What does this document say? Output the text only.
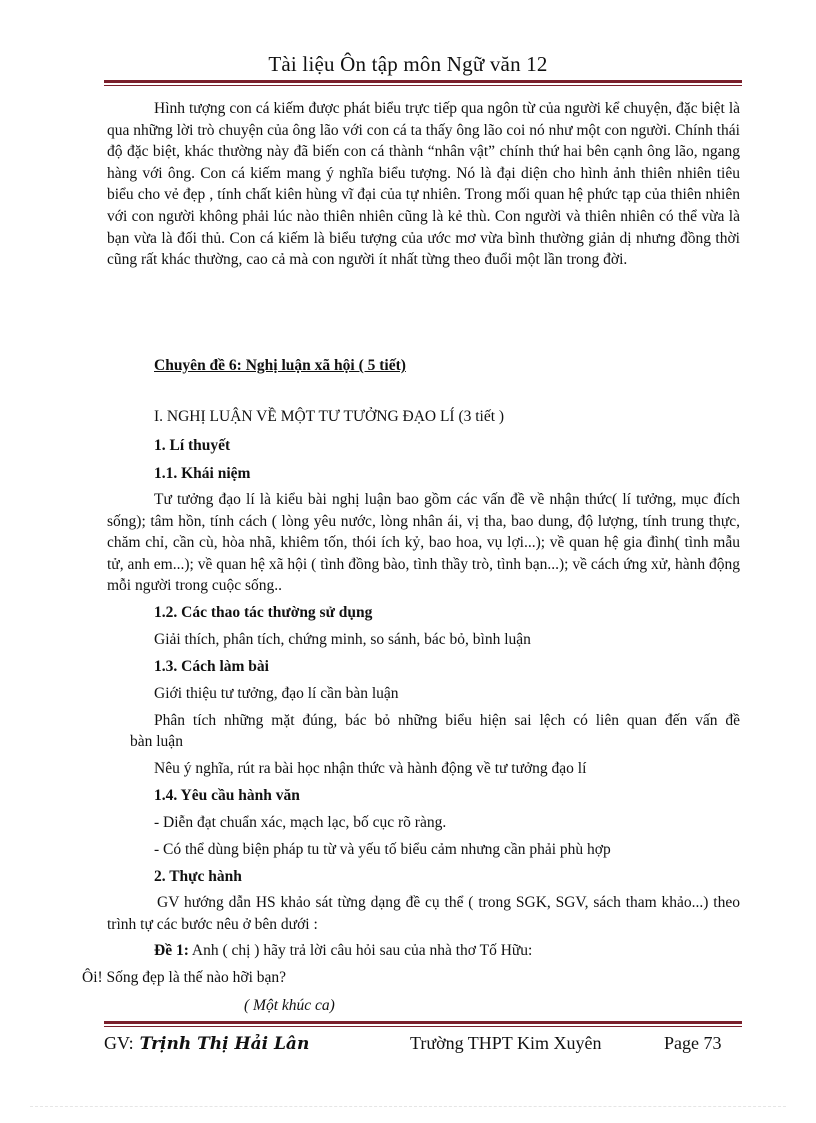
Tài liệu Ôn tập môn Ngữ văn 12
Hình tượng con cá kiếm được phát biểu trực tiếp qua ngôn từ của người kể chuyện, đặc biệt là qua những lời trò chuyện của ông lão với con cá ta thấy ông lão coi nó như một con người. Chính thái độ đặc biệt, khác thường này đã biến con cá thành “nhân vật” chính thứ hai bên cạnh ông lão, ngang hàng với ông. Con cá kiếm mang ý nghĩa biểu tượng. Nó là đại diện cho hình ảnh thiên nhiên tiêu biểu cho vẻ đẹp , tính chất kiên hùng vĩ đại của tự nhiên. Trong mối quan hệ phức tạp của thiên nhiên với con người không phải lúc nào thiên nhiên cũng là kẻ thù. Con người và thiên nhiên có thể vừa là bạn vừa là đối thủ. Con cá kiếm là biểu tượng của ước mơ vừa bình thường giản dị nhưng đồng thời cũng rất khác thường, cao cả mà con người ít nhất từng theo đuổi một lần trong đời.
Chuyên đề 6: Nghị luận xã hội ( 5 tiết)
I. NGHỊ LUẬN VỀ MỘT TƯ TƯỞNG ĐẠO LÍ (3 tiết )
1. Lí thuyết
1.1. Khái niệm
Tư tưởng đạo lí là kiểu bài nghị luận bao gồm các vấn đề về nhận thức( lí tưởng, mục đích sống); tâm hồn, tính cách ( lòng yêu nước, lòng nhân ái, vị tha, bao dung, độ lượng, tính trung thực, chăm chỉ, cần cù, hòa nhã, khiêm tốn, thói ích kỷ, bao hoa, vụ lợi...); về quan hệ gia đình( tình mẫu tử, anh em...); về quan hệ xã hội ( tình đồng bào, tình thầy trò, tình bạn...); về cách ứng xử, hành động mỗi người trong cuộc sống..
1.2. Các thao tác thường sử dụng
Giải thích, phân tích, chứng minh, so sánh, bác bỏ, bình luận
1.3. Cách làm bài
Giới thiệu tư tưởng, đạo lí cần bàn luận
Phân tích những mặt đúng, bác bỏ những biểu hiện sai lệch có liên quan đến vấn đề
bàn luận
Nêu ý nghĩa, rút ra bài học nhận thức và hành động về tư tưởng đạo lí
1.4. Yêu cầu hành văn
- Diễn đạt chuẩn xác, mạch lạc, bố cục rõ ràng.
- Có thể dùng biện pháp tu từ và yếu tố biểu cảm nhưng cần phải phù hợp
2. Thực hành
GV hướng dẫn HS khảo sát từng dạng đề cụ thể ( trong SGK, SGV, sách tham khảo...) theo trình tự các bước nêu ở bên dưới :
Đề 1: Anh ( chị ) hãy trả lời câu hỏi sau của nhà thơ Tố Hữu:
Ôi! Sống đẹp là thế nào hỡi bạn?
( Một khúc ca)
GV: Trịnh Thị Hải Lân	Trường THPT Kim Xuyên	Page 73
